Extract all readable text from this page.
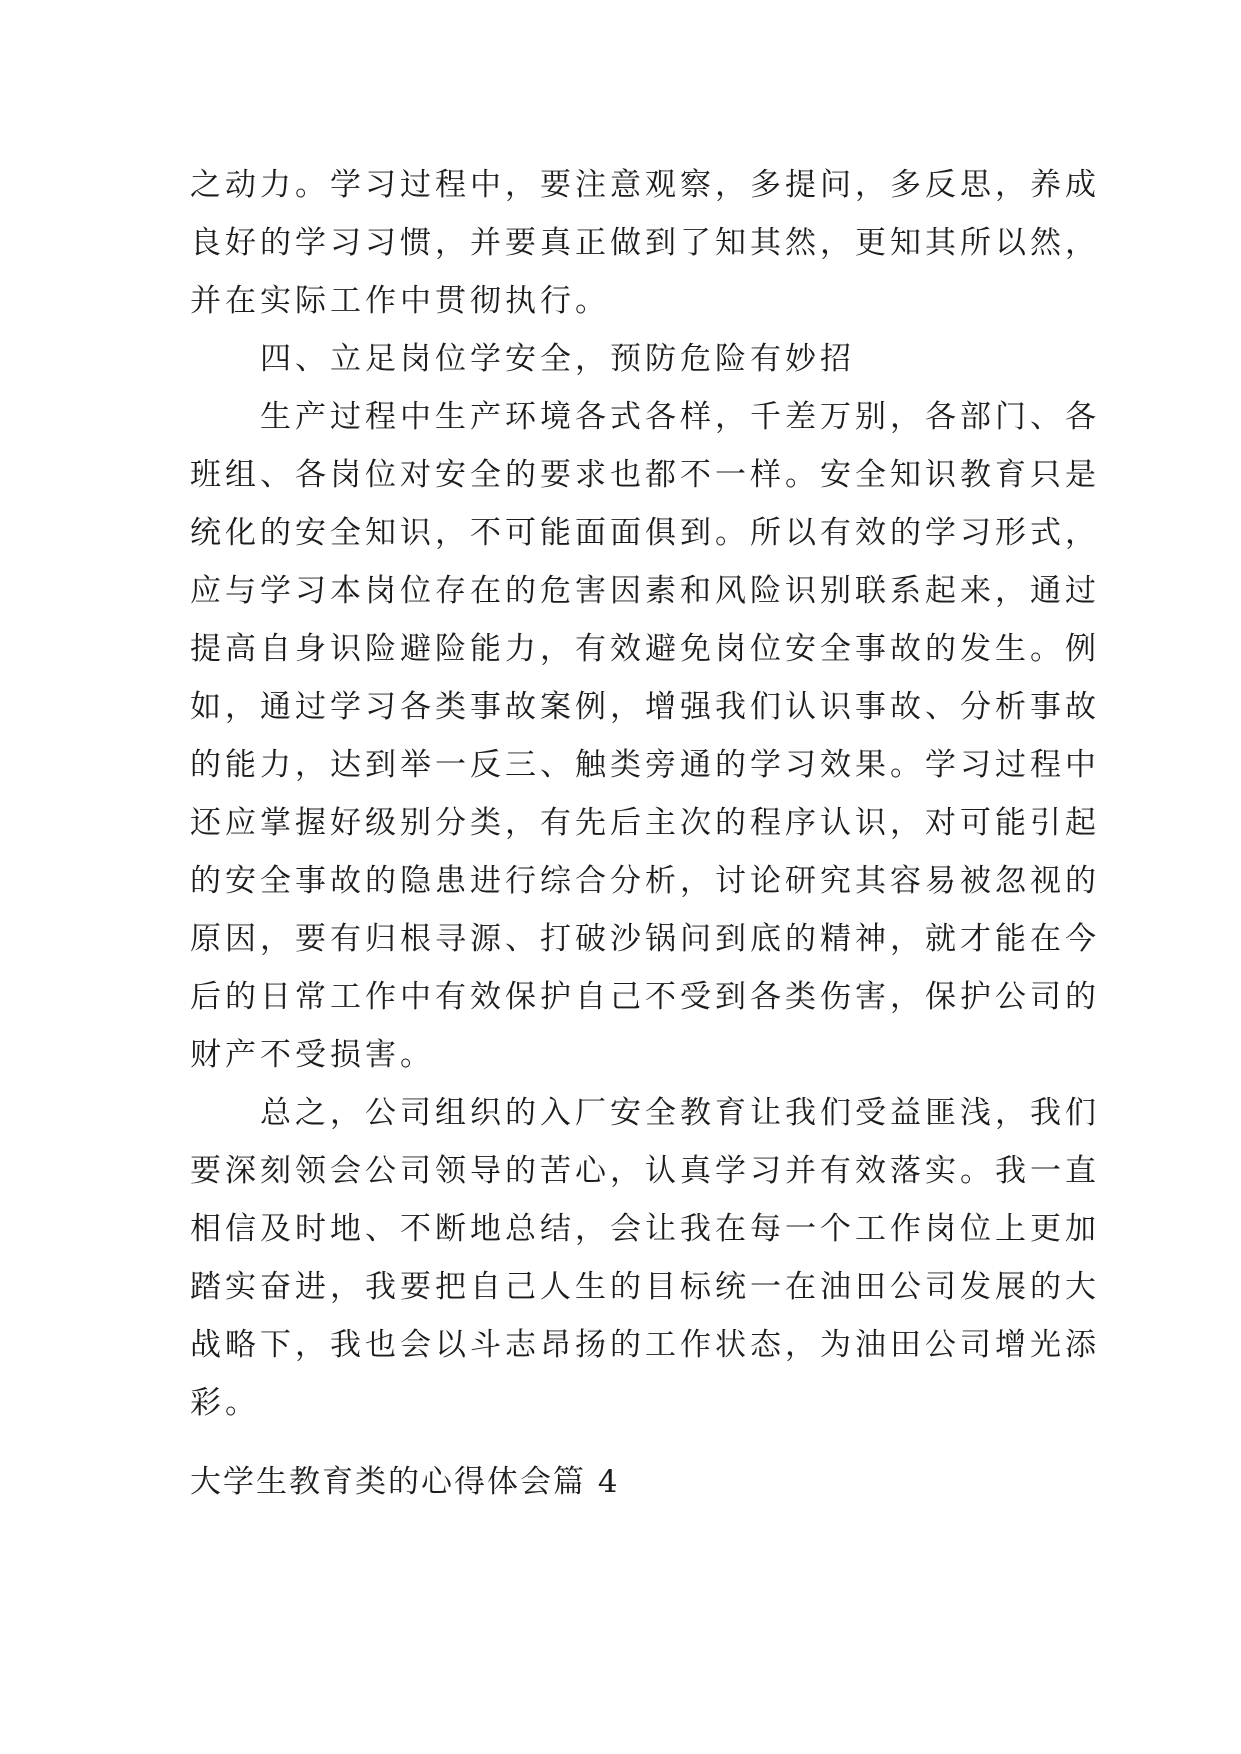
之动力。学习过程中，要注意观察，多提问，多反思，养成
良好的学习习惯，并要真正做到了知其然，更知其所以然，
并在实际工作中贯彻执行。
　　四、立足岗位学安全，预防危险有妙招
　　生产过程中生产环境各式各样，千差万别，各部门、各
班组、各岗位对安全的要求也都不一样。安全知识教育只是
统化的安全知识，不可能面面俱到。所以有效的学习形式，
应与学习本岗位存在的危害因素和风险识别联系起来，通过
提高自身识险避险能力，有效避免岗位安全事故的发生。例
如，通过学习各类事故案例，增强我们认识事故、分析事故
的能力，达到举一反三、触类旁通的学习效果。学习过程中
还应掌握好级别分类，有先后主次的程序认识，对可能引起
的安全事故的隐患进行综合分析，讨论研究其容易被忽视的
原因，要有归根寻源、打破沙锅问到底的精神，就才能在今
后的日常工作中有效保护自己不受到各类伤害，保护公司的
财产不受损害。
　　总之，公司组织的入厂安全教育让我们受益匪浅，我们
要深刻领会公司领导的苦心，认真学习并有效落实。我一直
相信及时地、不断地总结，会让我在每一个工作岗位上更加
踏实奋进，我要把自己人生的目标统一在油田公司发展的大
战略下，我也会以斗志昂扬的工作状态，为油田公司增光添
彩。
大学生教育类的心得体会篇 4
